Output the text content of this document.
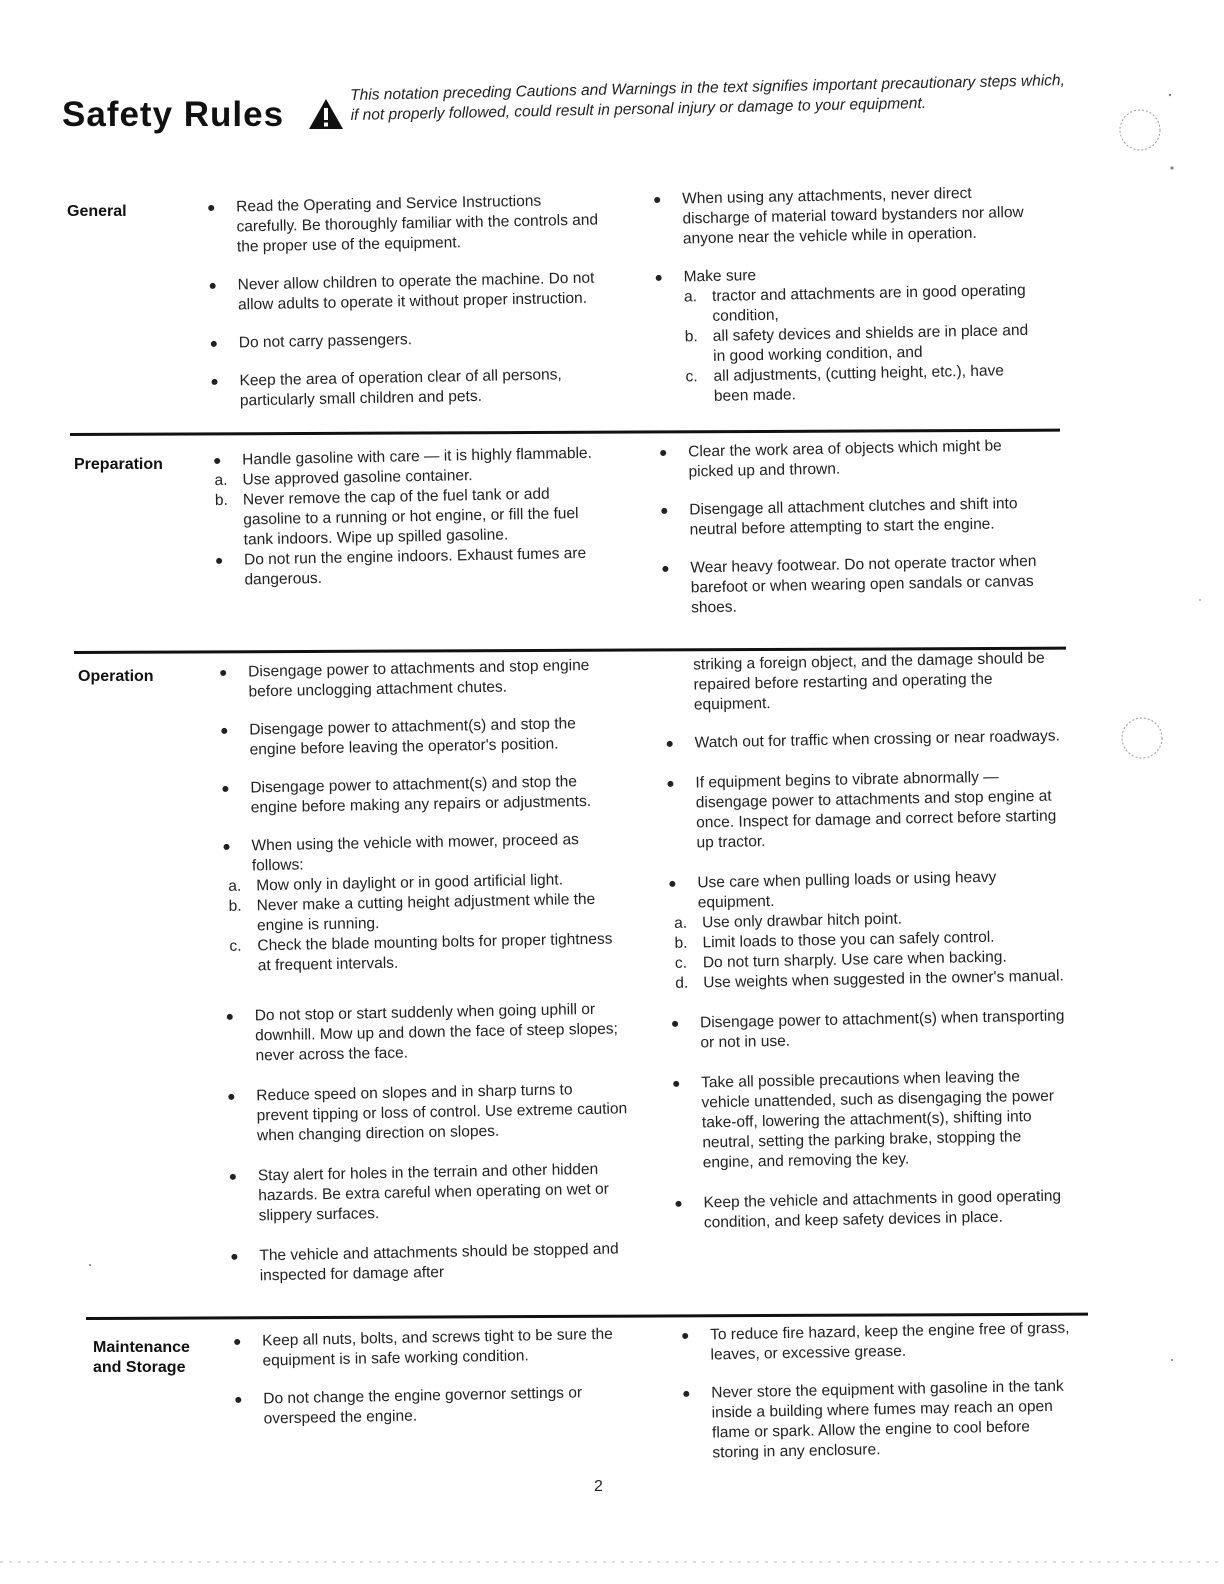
Safety Rules

This notation preceding Cautions and Warnings in the text signifies important precautionary steps which, if not properly followed, could result in personal injury or damage to your equipment.

General	Read the Operating and Service Instructions carefully. Be thoroughly familiar with the controls and the proper use of the equipment.

Never allow children to operate the machine. Do not allow adults to operate it without proper instruction.

Do not carry passengers.

Keep the area of operation clear of all persons, particularly small children and pets.

When using any attachments, never direct discharge of material toward bystanders nor allow anyone near the vehicle while in operation.

Make sure

a. tractor and attachments are in good operating condition,

b. all safety devices and shields are in place and in good working condition, and

c. all adjustments, (cutting height, etc.), have been made.

Preparation	Handle gasoline with care — it is highly flammable.

a. Use approved gasoline container.

b. Never remove the cap of the fuel tank or add gasoline to a running or hot engine, or fill the fuel tank indoors. Wipe up spilled gasoline.

Do not run the engine indoors. Exhaust fumes are dangerous.

Clear the work area of objects which might be picked up and thrown.

Disengage all attachment clutches and shift into neutral before attempting to start the engine.

Wear heavy footwear. Do not operate tractor when barefoot or when wearing open sandals or canvas shoes.

Operation	Disengage power to attachments and stop engine before unclogging attachment chutes.

Disengage power to attachment(s) and stop the engine before leaving the operator's position.

Disengage power to attachment(s) and stop the engine before making any repairs or adjustments.

When using the vehicle with mower, proceed as follows:

a. Mow only in daylight or in good artificial light.

b. Never make a cutting height adjustment while the engine is running.

c. Check the blade mounting bolts for proper tightness at frequent intervals.

Do not stop or start suddenly when going uphill or downhill. Mow up and down the face of steep slopes; never across the face.

Reduce speed on slopes and in sharp turns to prevent tipping or loss of control. Use extreme caution when changing direction on slopes.

Stay alert for holes in the terrain and other hidden hazards. Be extra careful when operating on wet or slippery surfaces.

The vehicle and attachments should be stopped and inspected for damage after

striking a foreign object, and the damage should be repaired before restarting and operating the equipment.

Watch out for traffic when crossing or near roadways.

If equipment begins to vibrate abnormally — disengage power to attachments and stop engine at once. Inspect for damage and correct before starting up tractor.

Use care when pulling loads or using heavy equipment.

a. Use only drawbar hitch point.

b. Limit loads to those you can safely control.

c. Do not turn sharply. Use care when backing.

d. Use weights when suggested in the owner's manual.

Disengage power to attachment(s) when transporting or not in use.

Take all possible precautions when leaving the vehicle unattended, such as disengaging the power take-off, lowering the attachment(s), shifting into neutral, setting the parking brake, stopping the engine, and removing the key.

Keep the vehicle and attachments in good operating condition, and keep safety devices in place.

Maintenance
and Storage

Keep all nuts, bolts, and screws tight to be sure the equipment is in safe working condition.

Do not change the engine governor settings or overspeed the engine.

To reduce fire hazard, keep the engine free of grass, leaves, or excessive grease.

Never store the equipment with gasoline in the tank inside a building where fumes may reach an open flame or spark. Allow the engine to cool before storing in any enclosure.

2
